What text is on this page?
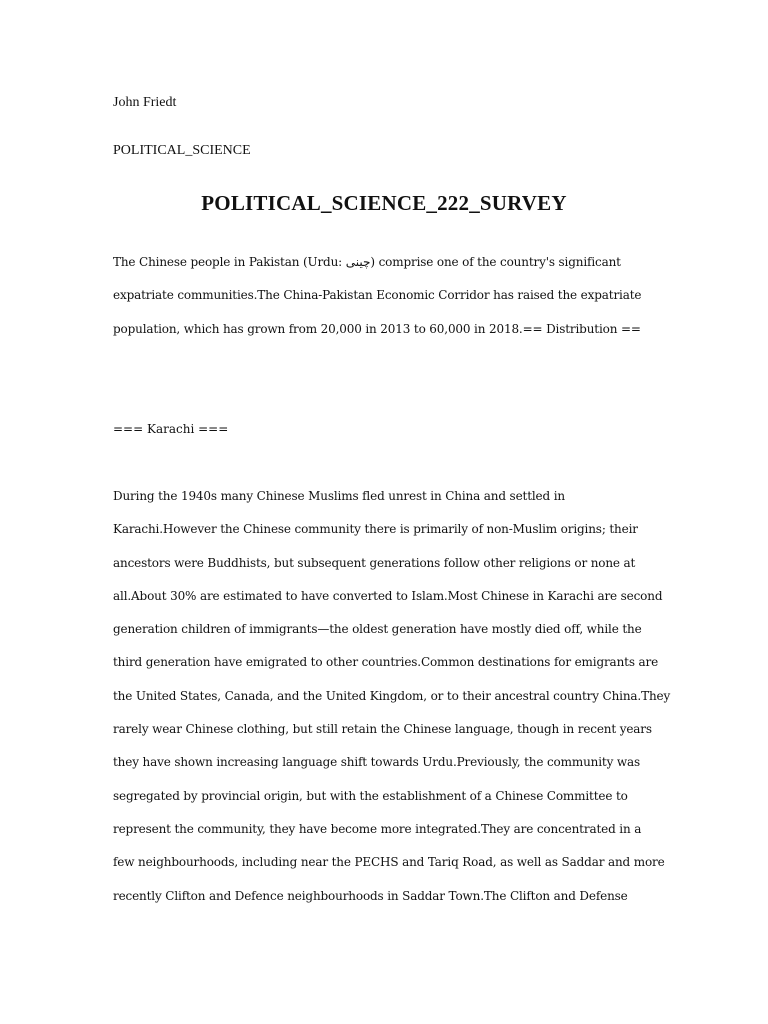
John Friedt

POLITICAL_SCIENCE

POLITICAL_SCIENCE_222_SURVEY

The Chinese people in Pakistan (Urdu: چینی) comprise one of the country's significant
expatriate communities.The China-Pakistan Economic Corridor has raised the expatriate
population, which has grown from 20,000 in 2013 to 60,000 in 2018.== Distribution ==

=== Karachi ===

During the 1940s many Chinese Muslims fled unrest in China and settled in
Karachi.However the Chinese community there is primarily of non-Muslim origins; their
ancestors were Buddhists, but subsequent generations follow other religions or none at
all.About 30% are estimated to have converted to Islam.Most Chinese in Karachi are second
generation children of immigrants—the oldest generation have mostly died off, while the
third generation have emigrated to other countries.Common destinations for emigrants are
the United States, Canada, and the United Kingdom, or to their ancestral country China.They
rarely wear Chinese clothing, but still retain the Chinese language, though in recent years
they have shown increasing language shift towards Urdu.Previously, the community was
segregated by provincial origin, but with the establishment of a Chinese Committee to
represent the community, they have become more integrated.They are concentrated in a
few neighbourhoods, including near the PECHS and Tariq Road, as well as Saddar and more
recently Clifton and Defence neighbourhoods in Saddar Town.The Clifton and Defense
